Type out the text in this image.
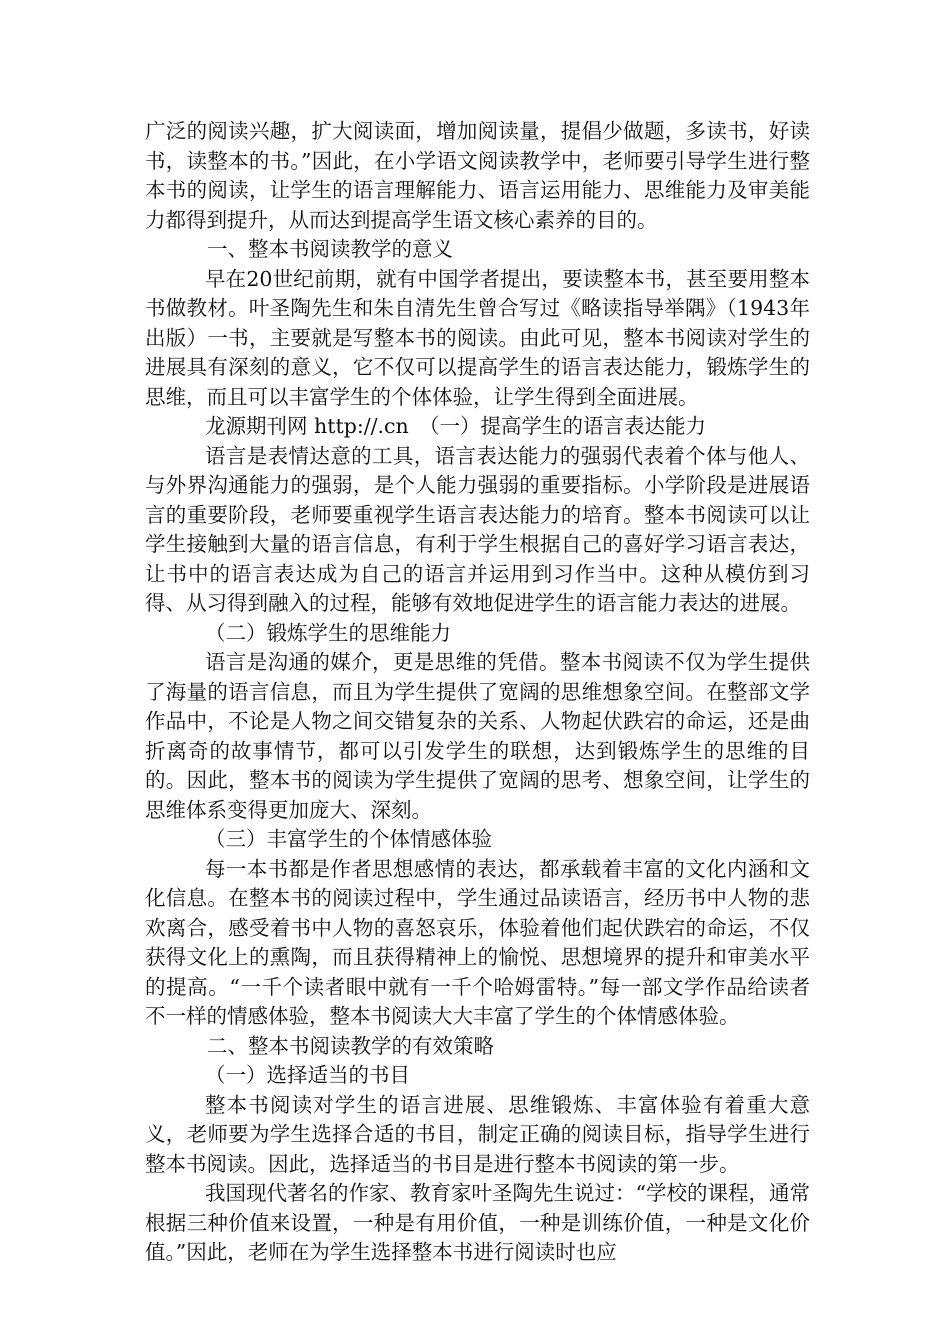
广泛的阅读兴趣，扩大阅读面，增加阅读量，提倡少做题，多读书，好读书，读整本的书。”因此，在小学语文阅读教学中，老师要引导学生进行整本书的阅读，让学生的语言理解能力、语言运用能力、思维能力及审美能力都得到提升，从而达到提高学生语文核心素养的目的。

一、整本书阅读教学的意义

早在20世纪前期，就有中国学者提出，要读整本书，甚至要用整本书做教材。叶圣陶先生和朱自清先生曾合写过《略读指导举隅》（1943年出版）一书，主要就是写整本书的阅读。由此可见，整本书阅读对学生的进展具有深刻的意义，它不仅可以提高学生的语言表达能力，锻炼学生的思维，而且可以丰富学生的个体体验，让学生得到全面进展。

龙源期刊网 http://.cn　（一）提高学生的语言表达能力

语言是表情达意的工具，语言表达能力的强弱代表着个体与他人、与外界沟通能力的强弱，是个人能力强弱的重要指标。小学阶段是进展语言的重要阶段，老师要重视学生语言表达能力的培育。整本书阅读可以让学生接触到大量的语言信息，有利于学生根据自己的喜好学习语言表达，让书中的语言表达成为自己的语言并运用到习作当中。这种从模仿到习得、从习得到融入的过程，能够有效地促进学生的语言能力表达的进展。

（二）锻炼学生的思维能力

语言是沟通的媒介，更是思维的凭借。整本书阅读不仅为学生提供了海量的语言信息，而且为学生提供了宽阔的思维想象空间。在整部文学作品中，不论是人物之间交错复杂的关系、人物起伏跌宕的命运，还是曲折离奇的故事情节，都可以引发学生的联想，达到锻炼学生的思维的目的。因此，整本书的阅读为学生提供了宽阔的思考、想象空间，让学生的思维体系变得更加庞大、深刻。

（三）丰富学生的个体情感体验

每一本书都是作者思想感情的表达，都承载着丰富的文化内涵和文化信息。在整本书的阅读过程中，学生通过品读语言，经历书中人物的悲欢离合，感受着书中人物的喜怒哀乐，体验着他们起伏跌宕的命运，不仅获得文化上的熏陶，而且获得精神上的愉悦、思想境界的提升和审美水平的提高。“一千个读者眼中就有一千个哈姆雷特。”每一部文学作品给读者不一样的情感体验，整本书阅读大大丰富了学生的个体情感体验。

二、整本书阅读教学的有效策略

（一）选择适当的书目

整本书阅读对学生的语言进展、思维锻炼、丰富体验有着重大意义，老师要为学生选择合适的书目，制定正确的阅读目标，指导学生进行整本书阅读。因此，选择适当的书目是进行整本书阅读的第一步。

我国现代著名的作家、教育家叶圣陶先生说过：“学校的课程，通常根据三种价值来设置，一种是有用价值，一种是训练价值，一种是文化价值。”因此，老师在为学生选择整本书进行阅读时也应
